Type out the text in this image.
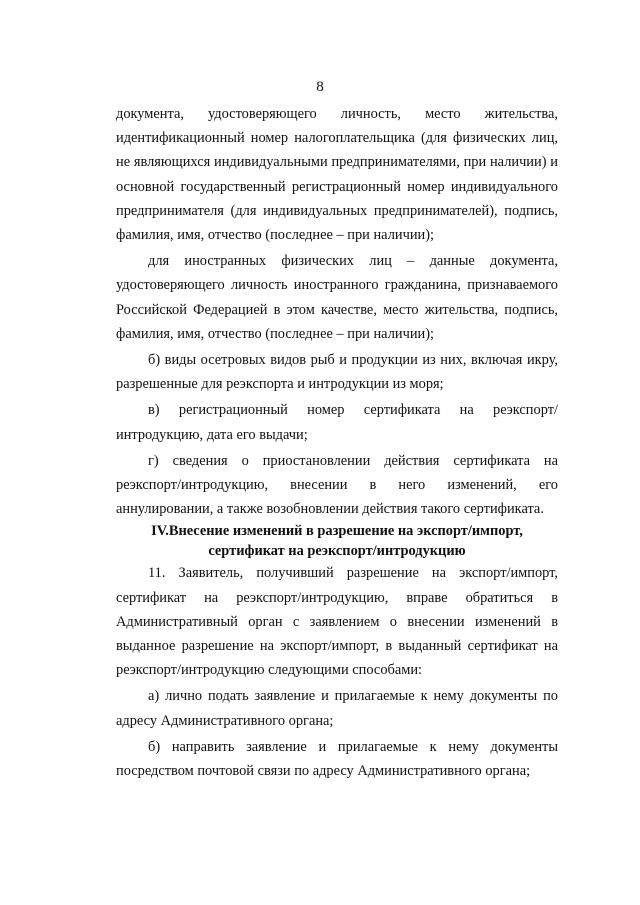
8

документа, удостоверяющего личность, место жительства, идентификационный номер налогоплательщика (для физических лиц, не являющихся индивидуальными предпринимателями, при наличии) и основной государственный регистрационный номер индивидуального предпринимателя (для индивидуальных предпринимателей), подпись, фамилия, имя, отчество (последнее – при наличии);

для иностранных физических лиц – данные документа, удостоверяющего личность иностранного гражданина, признаваемого Российской Федерацией в этом качестве, место жительства, подпись, фамилия, имя, отчество (последнее – при наличии);

б) виды осетровых видов рыб и продукции из них, включая икру, разрешенные для реэкспорта и интродукции из моря;

в) регистрационный номер сертификата на реэкспорт/интродукцию, дата его выдачи;

г) сведения о приостановлении действия сертификата на реэкспорт/интродукцию, внесении в него изменений, его аннулировании, а также возобновлении действия такого сертификата.

IV.Внесение изменений в разрешение на экспорт/импорт,
сертификат на реэкспорт/интродукцию

11. Заявитель, получивший разрешение на экспорт/импорт, сертификат на реэкспорт/интродукцию, вправе обратиться в Административный орган с заявлением о внесении изменений в выданное разрешение на экспорт/импорт, в выданный сертификат на реэкспорт/интродукцию следующими способами:

а) лично подать заявление и прилагаемые к нему документы по адресу Административного органа;

б) направить заявление и прилагаемые к нему документы посредством почтовой связи по адресу Административного органа;
